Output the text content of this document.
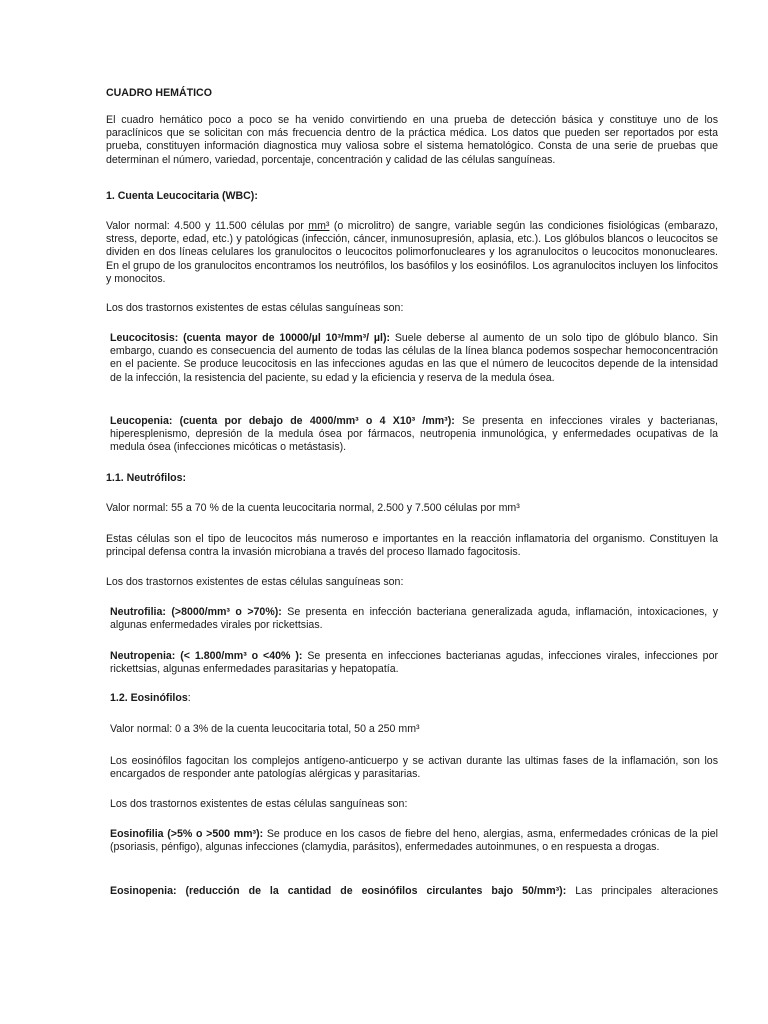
CUADRO HEMÁTICO

El cuadro hemático poco a poco se ha venido convirtiendo en una prueba de detección básica y constituye uno de los paraclínicos que se solicitan con más frecuencia dentro de la práctica médica. Los datos que pueden ser reportados por esta prueba, constituyen información diagnostica muy valiosa sobre el sistema hematológico. Consta de una serie de pruebas que determinan el número, variedad, porcentaje, concentración y calidad de las células sanguíneas.

1. Cuenta Leucocitaria (WBC):

Valor normal: 4.500 y 11.500 células por mm³ (o microlitro) de sangre, variable según las condiciones fisiológicas (embarazo, stress, deporte, edad, etc.) y patológicas (infección, cáncer, inmunosupresión, aplasia, etc.). Los glóbulos blancos o leucocitos se dividen en dos líneas celulares los granulocitos o leucocitos polimorfonucleares y los agranulocitos o leucocitos mononucleares. En el grupo de los granulocitos encontramos los neutrófilos, los basófilos y los eosinófilos. Los agranulocitos incluyen los linfocitos y monocitos.

Los dos trastornos existentes de estas células sanguíneas son:

Leucocitosis: (cuenta mayor de 10000/µl 10³/mm³/ µl): Suele deberse al aumento de un solo tipo de glóbulo blanco. Sin embargo, cuando es consecuencia del aumento de todas las células de la línea blanca podemos sospechar hemoconcentración en el paciente. Se produce leucocitosis en las infecciones agudas en las que el número de leucocitos depende de la intensidad de la infección, la resistencia del paciente, su edad y la eficiencia y reserva de la medula ósea.

Leucopenia: (cuenta por debajo de 4000/mm³ o 4 X10³ /mm³): Se presenta en infecciones virales y bacterianas, hiperesplenismo, depresión de la medula ósea por fármacos, neutropenia inmunológica, y enfermedades ocupativas de la medula ósea (infecciones micóticas o metástasis).

1.1. Neutrófilos:

Valor normal: 55 a 70 % de la cuenta leucocitaria normal, 2.500 y 7.500 células por mm³

Estas células son el tipo de leucocitos más numeroso e importantes en la reacción inflamatoria del organismo. Constituyen la principal defensa contra la invasión microbiana a través del proceso llamado fagocitosis.

Los dos trastornos existentes de estas células sanguíneas son:

Neutrofilia: (>8000/mm³ o >70%): Se presenta en infección bacteriana generalizada aguda, inflamación, intoxicaciones, y algunas enfermedades virales por rickettsias.

Neutropenia: (< 1.800/mm³ o <40% ): Se presenta en infecciones bacterianas agudas, infecciones virales, infecciones por rickettsias, algunas enfermedades parasitarias y hepatopatía.

1.2. Eosinófilos:

Valor normal: 0 a 3% de la cuenta leucocitaria total, 50 a 250 mm³

Los eosinófilos fagocitan los complejos antígeno-anticuerpo y se activan durante las ultimas fases de la inflamación, son los encargados de responder ante patologías alérgicas y parasitarias.

Los dos trastornos existentes de estas células sanguíneas son:

Eosinofilia (>5% o >500 mm³): Se produce en los casos de fiebre del heno, alergias, asma, enfermedades crónicas de la piel (psoriasis, pénfigo), algunas infecciones (clamydia, parásitos), enfermedades autoinmunes, o en respuesta a drogas.

Eosinopenia: (reducción de la cantidad de eosinófilos circulantes bajo 50/mm³): Las principales alteraciones
